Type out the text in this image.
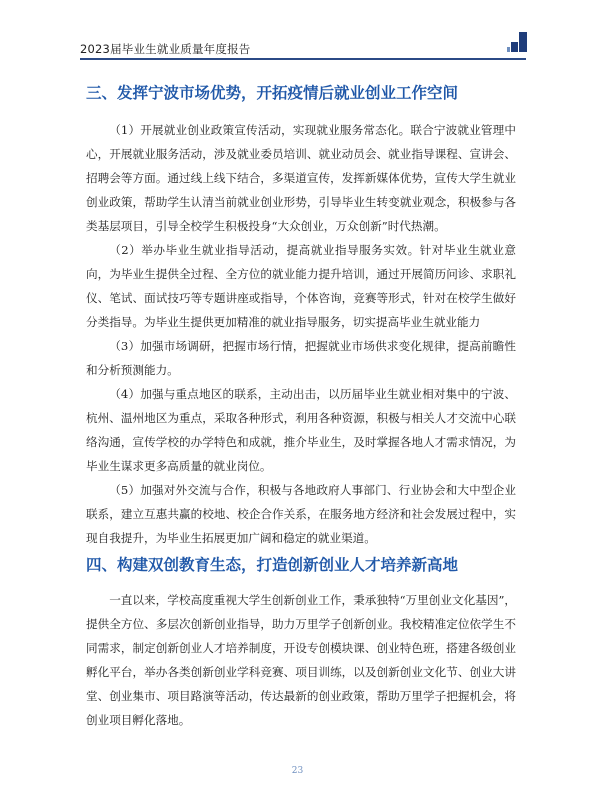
2023届毕业生就业质量年度报告
三、发挥宁波市场优势，开拓疫情后就业创业工作空间

（1）开展就业创业政策宣传活动，实现就业服务常态化。联合宁波就业管理中心，开展就业服务活动，涉及就业委员培训、就业动员会、就业指导课程、宣讲会、招聘会等方面。通过线上线下结合，多渠道宣传，发挥新媒体优势，宣传大学生就业创业政策，帮助学生认清当前就业创业形势，引导毕业生转变就业观念，积极参与各类基层项目，引导全校学生积极投身“大众创业，万众创新”时代热潮。

（2）举办毕业生就业指导活动，提高就业指导服务实效。针对毕业生就业意向，为毕业生提供全过程、全方位的就业能力提升培训，通过开展简历问诊、求职礼仪、笔试、面试技巧等专题讲座或指导，个体咨询，竞赛等形式，针对在校学生做好分类指导。为毕业生提供更加精准的就业指导服务，切实提高毕业生就业能力

（3）加强市场调研，把握市场行情，把握就业市场供求变化规律，提高前瞻性和分析预测能力。

（4）加强与重点地区的联系，主动出击，以历届毕业生就业相对集中的宁波、杭州、温州地区为重点，采取各种形式，利用各种资源，积极与相关人才交流中心联络沟通，宣传学校的办学特色和成就，推介毕业生，及时掌握各地人才需求情况，为毕业生谋求更多高质量的就业岗位。

（5）加强对外交流与合作，积极与各地政府人事部门、行业协会和大中型企业联系，建立互惠共赢的校地、校企合作关系，在服务地方经济和社会发展过程中，实现自我提升，为毕业生拓展更加广阔和稳定的就业渠道。

四、构建双创教育生态，打造创新创业人才培养新高地

一直以来，学校高度重视大学生创新创业工作，秉承独特“万里创业文化基因”，提供全方位、多层次创新创业指导，助力万里学子创新创业。我校精准定位依学生不同需求，制定创新创业人才培养制度，开设专创模块课、创业特色班，搭建各级创业孵化平台，举办各类创新创业学科竞赛、项目训练，以及创新创业文化节、创业大讲堂、创业集市、项目路演等活动，传达最新的创业政策，帮助万里学子把握机会，将创业项目孵化落地。

23
